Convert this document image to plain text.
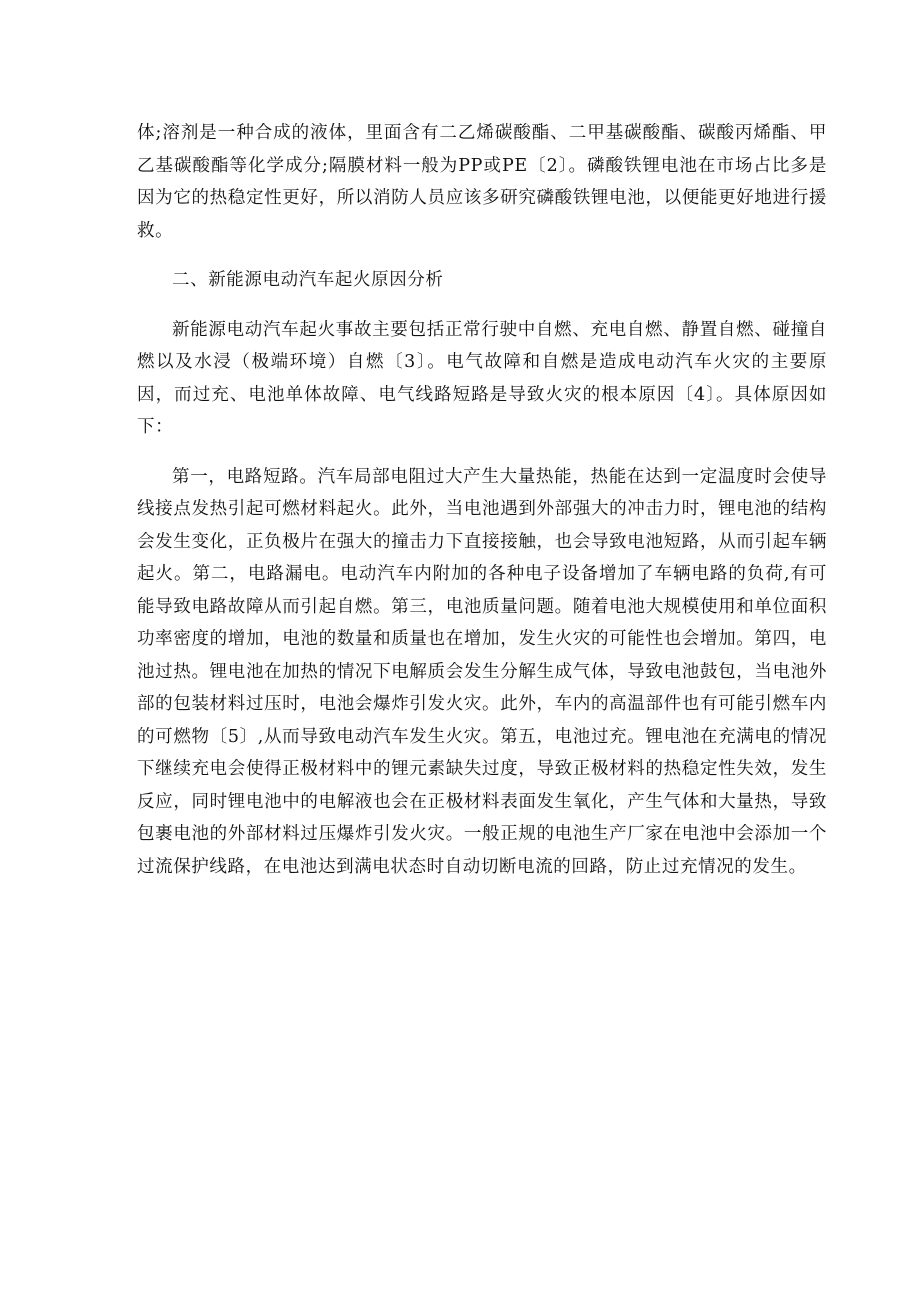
体;溶剂是一种合成的液体，里面含有二乙烯碳酸酯、二甲基碳酸酯、碳酸丙烯酯、甲乙基碳酸酯等化学成分;隔膜材料一般为PP或PE〔2〕。磷酸铁锂电池在市场占比多是因为它的热稳定性更好，所以消防人员应该多研究磷酸铁锂电池，以便能更好地进行援救。

二、新能源电动汽车起火原因分析

新能源电动汽车起火事故主要包括正常行驶中自燃、充电自燃、静置自燃、碰撞自燃以及水浸（极端环境）自燃〔3〕。电气故障和自燃是造成电动汽车火灾的主要原因，而过充、电池单体故障、电气线路短路是导致火灾的根本原因〔4〕。具体原因如下：

第一，电路短路。汽车局部电阻过大产生大量热能，热能在达到一定温度时会使导线接点发热引起可燃材料起火。此外，当电池遇到外部强大的冲击力时，锂电池的结构会发生变化，正负极片在强大的撞击力下直接接触，也会导致电池短路，从而引起车辆起火。第二，电路漏电。电动汽车内附加的各种电子设备增加了车辆电路的负荷,有可能导致电路故障从而引起自燃。第三，电池质量问题。随着电池大规模使用和单位面积功率密度的增加，电池的数量和质量也在增加，发生火灾的可能性也会增加。第四，电池过热。锂电池在加热的情况下电解质会发生分解生成气体，导致电池鼓包，当电池外部的包装材料过压时，电池会爆炸引发火灾。此外，车内的高温部件也有可能引燃车内的可燃物〔5〕,从而导致电动汽车发生火灾。第五，电池过充。锂电池在充满电的情况下继续充电会使得正极材料中的锂元素缺失过度，导致正极材料的热稳定性失效，发生反应，同时锂电池中的电解液也会在正极材料表面发生氧化，产生气体和大量热，导致包裹电池的外部材料过压爆炸引发火灾。一般正规的电池生产厂家在电池中会添加一个过流保护线路，在电池达到满电状态时自动切断电流的回路，防止过充情况的发生。
